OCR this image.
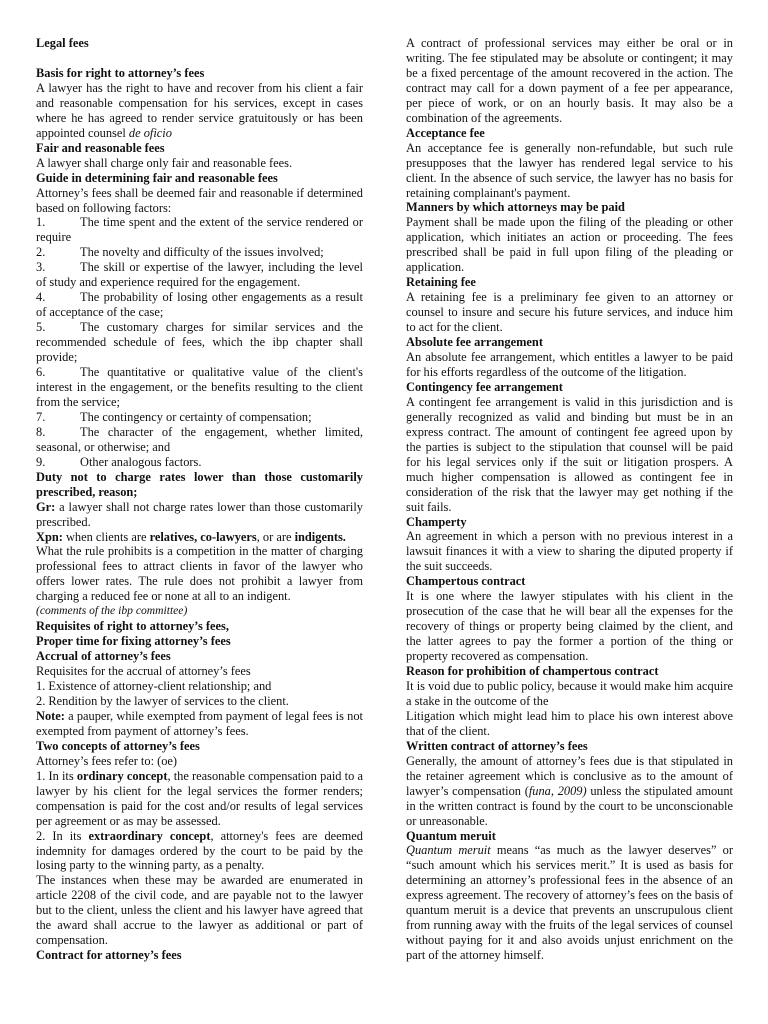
Legal fees

Basis for right to attorney’s fees

A lawyer has the right to have and recover from his client a fair and reasonable compensation for his services, except in cases where he has agreed to render service gratuitously or has been appointed counsel de oficio

Fair and reasonable fees

A lawyer shall charge only fair and reasonable fees.

Guide in determining fair and reasonable fees

Attorney’s fees shall be deemed fair and reasonable if determined based on following factors:

1.	The time spent and the extent of the service rendered or require

2.	The novelty and difficulty of the issues involved;

3.	The skill or expertise of the lawyer, including the level of study and experience required for the engagement.

4.	The probability of losing other engagements as a result of acceptance of the case;

5.	The customary charges for similar services and the recommended schedule of fees, which the ibp chapter shall provide;

6.	The quantitative or qualitative value of the client's interest in the engagement, or the benefits resulting to the client from the service;

7.	The contingency or certainty of compensation;

8.	The character of the engagement, whether limited, seasonal, or otherwise; and

9.	Other analogous factors.

Duty not to charge rates lower than those customarily prescribed, reason;

Gr: a lawyer shall not charge rates lower than those customarily prescribed.

Xpn: when clients are relatives, co-lawyers, or are indigents.

What the rule prohibits is a competition in the matter of charging professional fees to attract clients in favor of the lawyer who offers lower rates. The rule does not prohibit a lawyer from charging a reduced fee or none at all to an indigent.

(comments of the ibp committee)

Requisites of right to attorney’s fees,

Proper time for fixing attorney’s fees

Accrual of attorney’s fees

Requisites for the accrual of attorney’s fees

1. Existence of attorney-client relationship; and

2. Rendition by the lawyer of services to the client.

Note: a pauper, while exempted from payment of legal fees is not exempted from payment of attorney’s fees.

Two concepts of attorney’s fees

Attorney’s fees refer to: (oe)

1. In its ordinary concept, the reasonable compensation paid to a lawyer by his client for the legal services the former renders; compensation is paid for the cost and/or results of legal services per agreement or as may be assessed.

2. In its extraordinary concept, attorney's fees are deemed indemnity for damages ordered by the court to be paid by the losing party to the winning party, as a penalty.

The instances when these may be awarded are enumerated in article 2208 of the civil code, and are payable not to the lawyer but to the client, unless the client and his lawyer have agreed that the award shall accrue to the lawyer as additional or part of compensation.

Contract for attorney’s fees

A contract of professional services may either be oral or in writing. The fee stipulated may be absolute or contingent; it may be a fixed percentage of the amount recovered in the action. The contract may call for a down payment of a fee per appearance, per piece of work, or on an hourly basis. It may also be a combination of the agreements.

Acceptance fee

An acceptance fee is generally non-refundable, but such rule presupposes that the lawyer has rendered legal service to his client. In the absence of such service, the lawyer has no basis for retaining complainant's payment.

Manners by which attorneys may be paid

Payment shall be made upon the filing of the pleading or other application, which initiates an action or proceeding. The fees prescribed shall be paid in full upon filing of the pleading or application.

Retaining fee

A retaining fee is a preliminary fee given to an attorney or counsel to insure and secure his future services, and induce him to act for the client.

Absolute fee arrangement

An absolute fee arrangement, which entitles a lawyer to be paid for his efforts regardless of the outcome of the litigation.

Contingency fee arrangement

A contingent fee arrangement is valid in this jurisdiction and is generally recognized as valid and binding but must be in an express contract. The amount of contingent fee agreed upon by the parties is subject to the stipulation that counsel will be paid for his legal services only if the suit or litigation prospers. A much higher compensation is allowed as contingent fee in consideration of the risk that the lawyer may get nothing if the suit fails.

Champerty

An agreement in which a person with no previous interest in a lawsuit finances it with a view to sharing the diputed property if the suit succeeds.

Champertous contract

It is one where the lawyer stipulates with his client in the prosecution of the case that he will bear all the expenses for the recovery of things or property being claimed by the client, and the latter agrees to pay the former a portion of the thing or property recovered as compensation.

Reason for prohibition of champertous contract

It is void due to public policy, because it would make him acquire a stake in the outcome of the

Litigation which might lead him to place his own interest above that of the client.

Written contract of attorney’s fees

Generally, the amount of attorney’s fees due is that stipulated in the retainer agreement which is conclusive as to the amount of lawyer’s compensation (funa, 2009) unless the stipulated amount in the written contract is found by the court to be unconscionable or unreasonable.

Quantum meruit

Quantum meruit means “as much as the lawyer deserves” or “such amount which his services merit.” It is used as basis for determining an attorney’s professional fees in the absence of an express agreement. The recovery of attorney’s fees on the basis of quantum meruit is a device that prevents an unscrupulous client from running away with the fruits of the legal services of counsel without paying for it and also avoids unjust enrichment on the part of the attorney himself.
